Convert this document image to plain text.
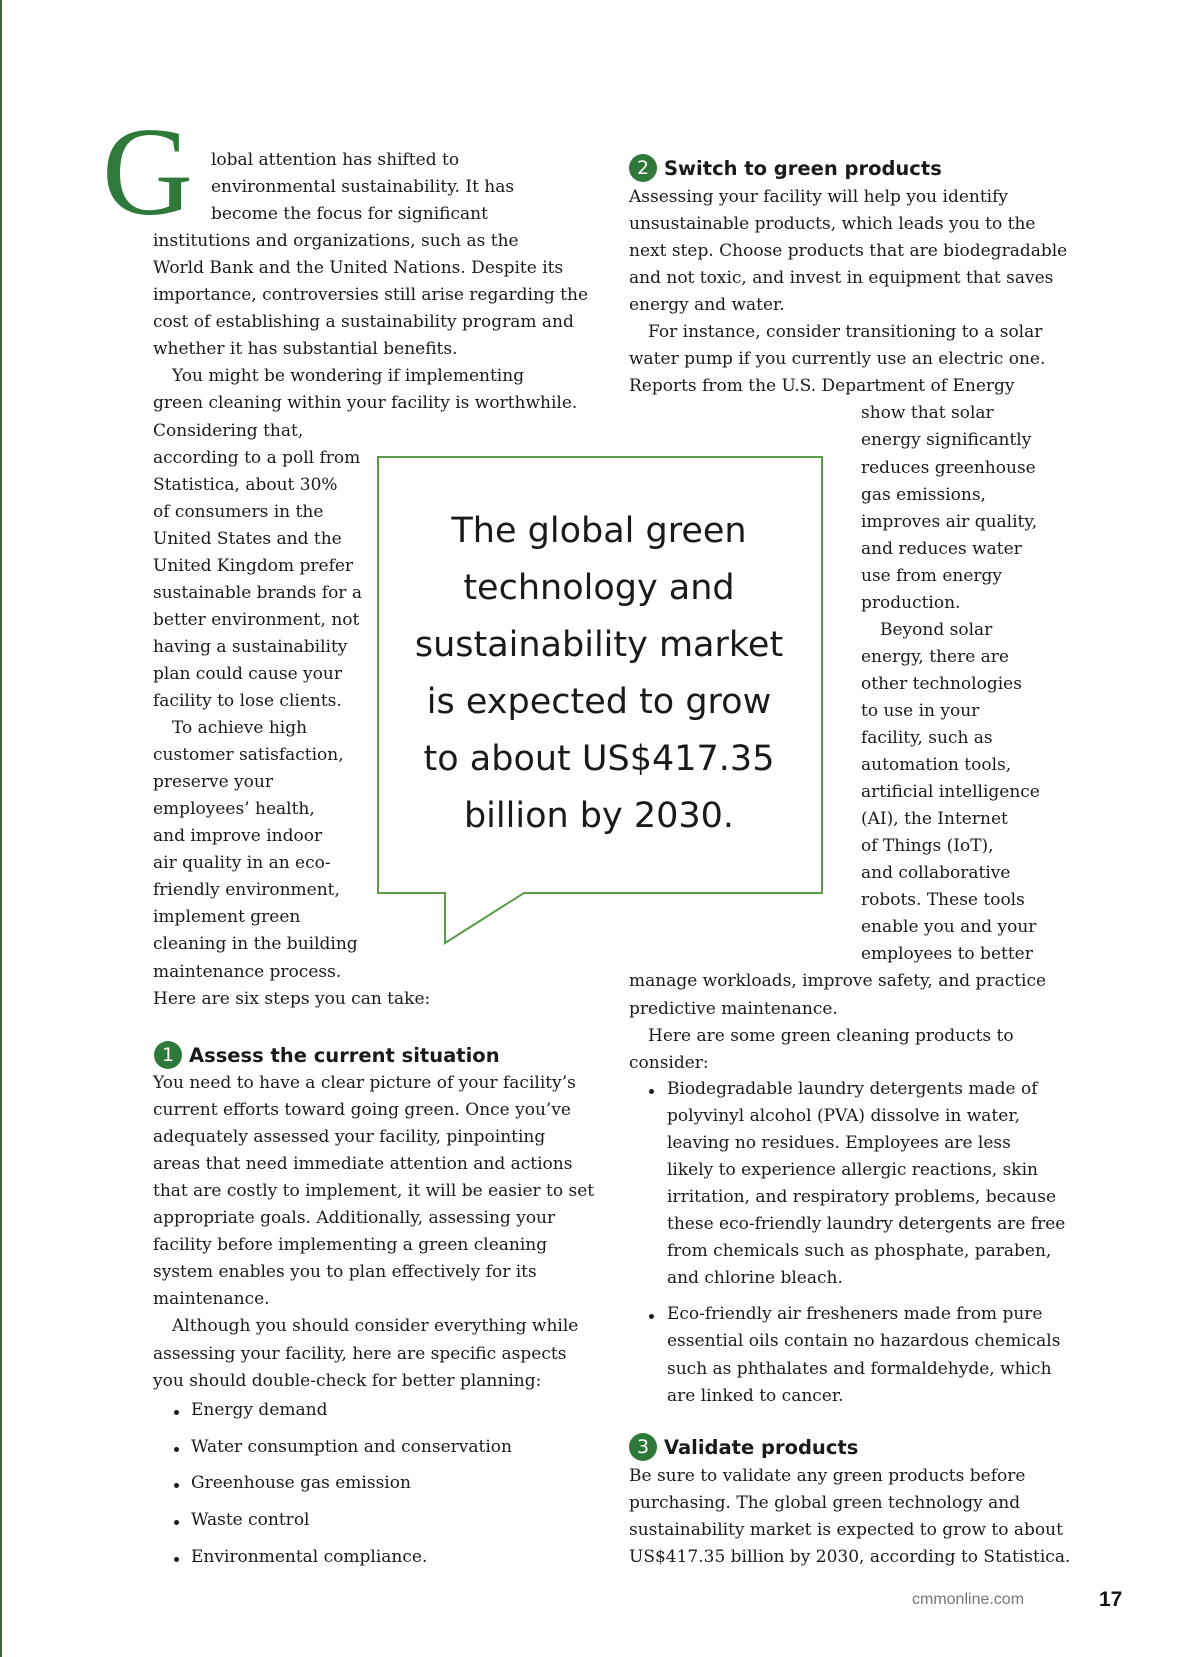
G lobal attention has shifted to
environmental sustainability. It has
become the focus for significant
institutions and organizations, such as the
World Bank and the United Nations. Despite its
importance, controversies still arise regarding the
cost of establishing a sustainability program and
whether it has substantial benefits.
You might be wondering if implementing
green cleaning within your facility is worthwhile.
Considering that,
according to a poll from
Statistica, about 30%
of consumers in the
United States and the
United Kingdom prefer
sustainable brands for a
better environment, not
having a sustainability
plan could cause your
facility to lose clients.
To achieve high
customer satisfaction,
preserve your
employees’ health,
and improve indoor
air quality in an eco-
friendly environment,
implement green
cleaning in the building
maintenance process.
Here are six steps you can take:
The global green
technology and
sustainability market
is expected to grow
to about US$417.35
billion by 2030.
1 Assess the current situation
You need to have a clear picture of your facility’s
current efforts toward going green. Once you’ve
adequately assessed your facility, pinpointing
areas that need immediate attention and actions
that are costly to implement, it will be easier to set
appropriate goals. Additionally, assessing your
facility before implementing a green cleaning
system enables you to plan effectively for its
maintenance.
Although you should consider everything while
assessing your facility, here are specific aspects
you should double-check for better planning:
Energy demand
Water consumption and conservation
Greenhouse gas emission
Waste control
Environmental compliance.
2 Switch to green products
Assessing your facility will help you identify
unsustainable products, which leads you to the
next step. Choose products that are biodegradable
and not toxic, and invest in equipment that saves
energy and water.
For instance, consider transitioning to a solar
water pump if you currently use an electric one.
Reports from the U.S. Department of Energy
show that solar
energy significantly
reduces greenhouse
gas emissions,
improves air quality,
and reduces water
use from energy
production.
Beyond solar
energy, there are
other technologies
to use in your
facility, such as
automation tools,
artificial intelligence
(AI), the Internet
of Things (IoT),
and collaborative
robots. These tools
enable you and your
employees to better
manage workloads, improve safety, and practice
predictive maintenance.
Here are some green cleaning products to
consider:
Biodegradable laundry detergents made of
polyvinyl alcohol (PVA) dissolve in water,
leaving no residues. Employees are less
likely to experience allergic reactions, skin
irritation, and respiratory problems, because
these eco-friendly laundry detergents are free
from chemicals such as phosphate, paraben,
and chlorine bleach.
Eco-friendly air fresheners made from pure
essential oils contain no hazardous chemicals
such as phthalates and formaldehyde, which
are linked to cancer.
3 Validate products
Be sure to validate any green products before
purchasing. The global green technology and
sustainability market is expected to grow to about
US$417.35 billion by 2030, according to Statistica.
cmmonline.com	17
